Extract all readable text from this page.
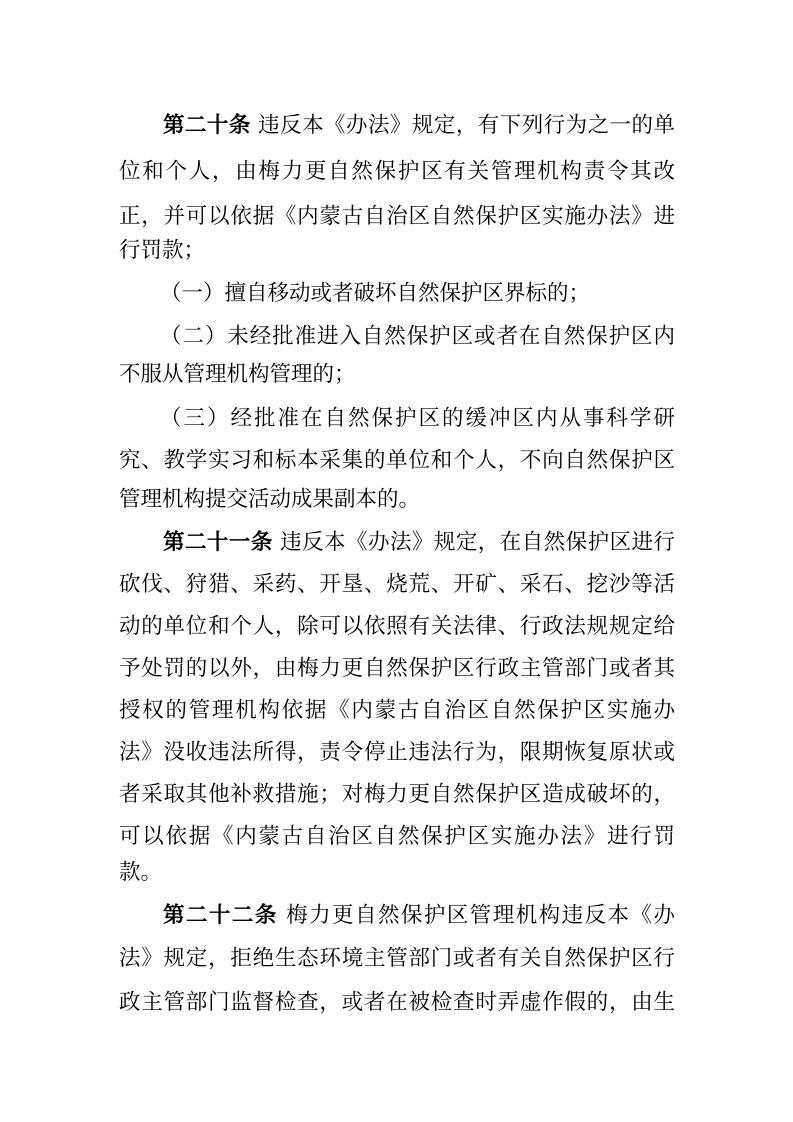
第二十条 违反本《办法》规定，有下列行为之一的单
位和个人，由梅力更自然保护区有关管理机构责令其改
正，并可以依据《内蒙古自治区自然保护区实施办法》进
行罚款；
（一）擅自移动或者破坏自然保护区界标的；
（二）未经批准进入自然保护区或者在自然保护区内
不服从管理机构管理的；
（三）经批准在自然保护区的缓冲区内从事科学研
究、教学实习和标本采集的单位和个人，不向自然保护区
管理机构提交活动成果副本的。
第二十一条 违反本《办法》规定，在自然保护区进行
砍伐、狩猎、采药、开垦、烧荒、开矿、采石、挖沙等活
动的单位和个人，除可以依照有关法律、行政法规规定给
予处罚的以外，由梅力更自然保护区行政主管部门或者其
授权的管理机构依据《内蒙古自治区自然保护区实施办
法》没收违法所得，责令停止违法行为，限期恢复原状或
者采取其他补救措施；对梅力更自然保护区造成破坏的，
可以依据《内蒙古自治区自然保护区实施办法》进行罚
款。
第二十二条 梅力更自然保护区管理机构违反本《办
法》规定，拒绝生态环境主管部门或者有关自然保护区行
政主管部门监督检查，或者在被检查时弄虚作假的，由生
